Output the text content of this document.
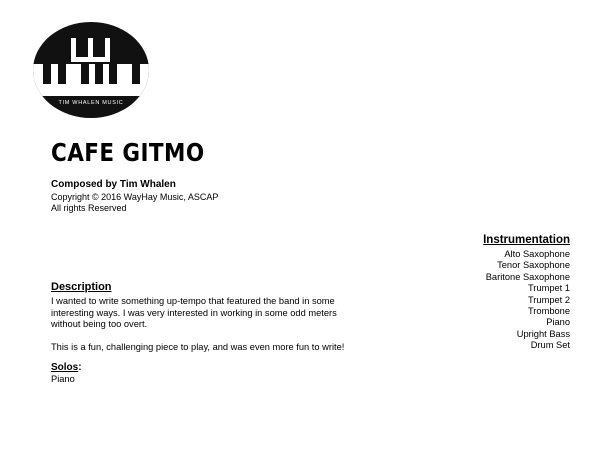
TIM WHALEN MUSIC
CAFE GITMO
Composed by Tim Whalen
Copyright © 2016 WayHay Music, ASCAP
All rights Reserved
Description

I wanted to write something up-tempo that featured the band in some interesting ways. I was very interested in working in some odd meters without being too overt.

This is a fun, challenging piece to play, and was even more fun to write!

Solos:
Piano
Instrumentation
Alto Saxophone
Tenor Saxophone
Baritone Saxophone
Trumpet 1
Trumpet 2
Trombone
Piano
Upright Bass
Drum Set
